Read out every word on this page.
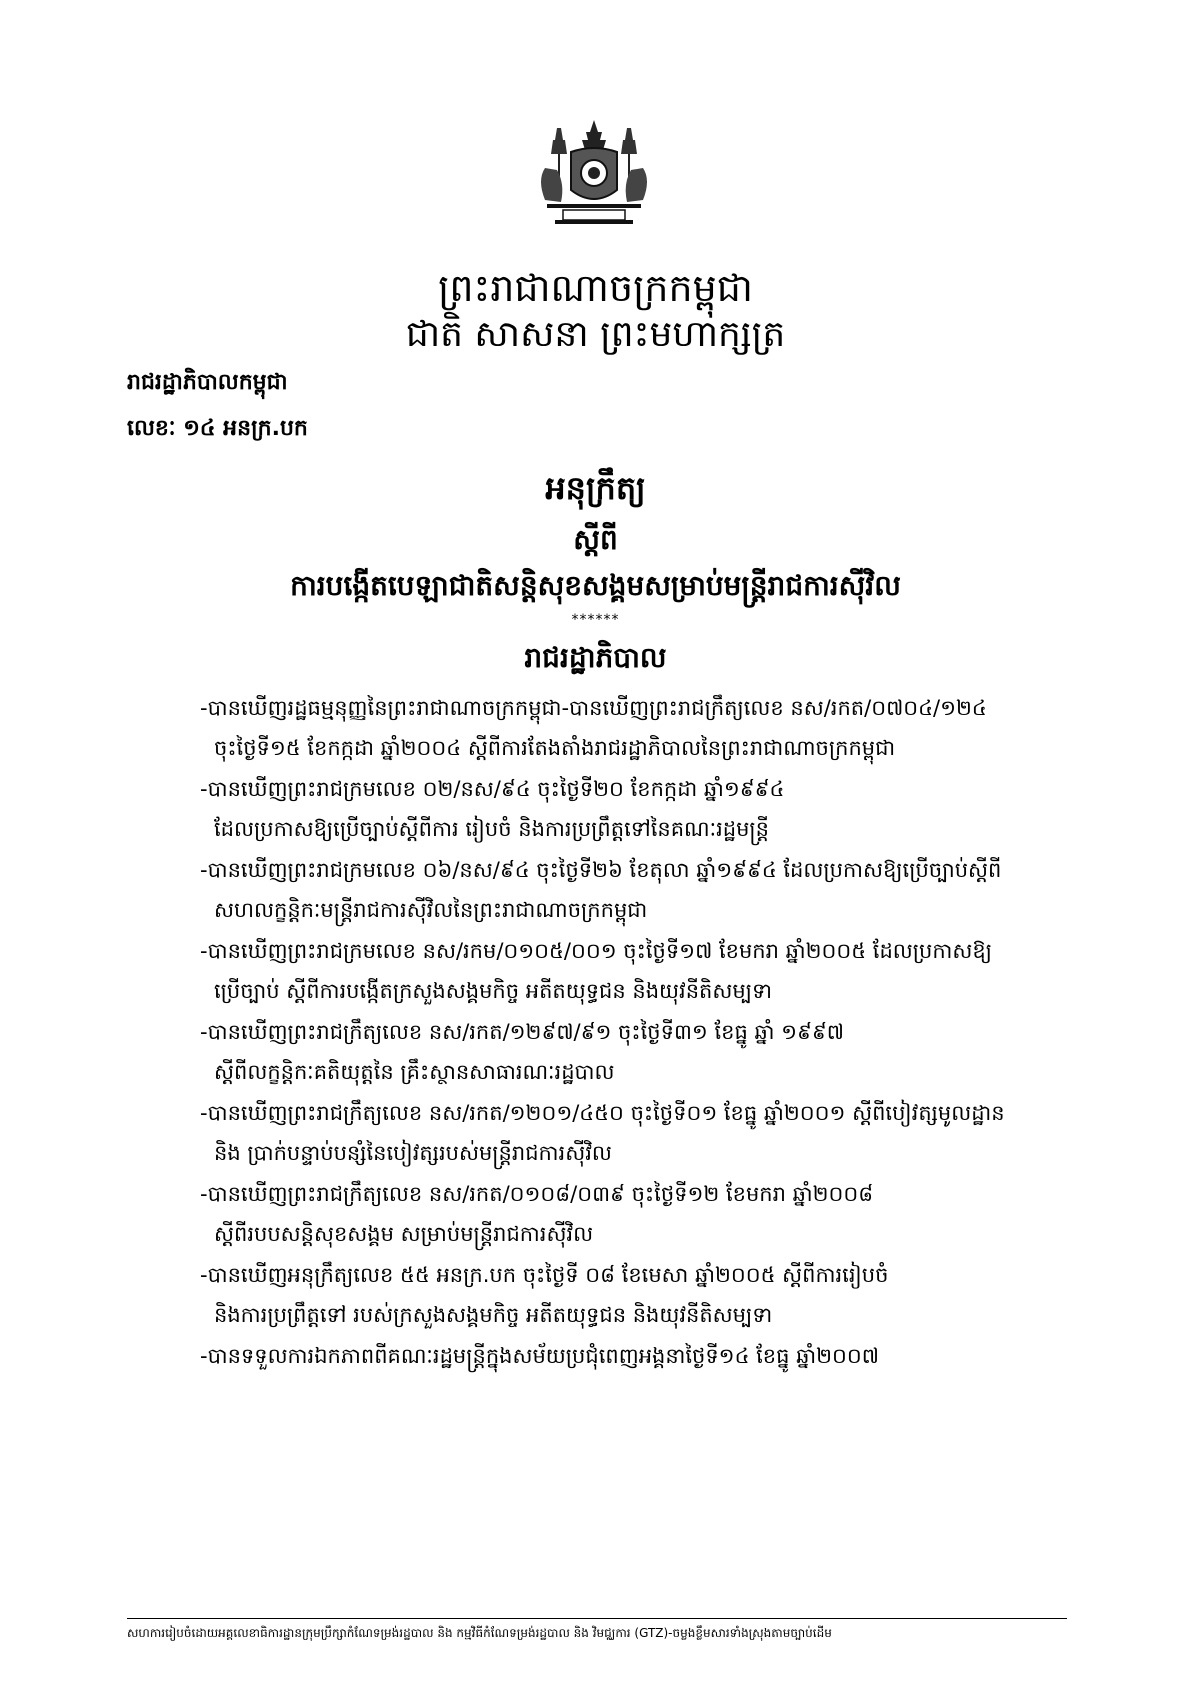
ព្រះរាជាណាចក្រកម្ពុជា
ជាតិ សាសនា ព្រះមហាក្សត្រ
រាជរដ្ឋាភិបាលកម្ពុជា
លេខៈ ១៤ អនក្រ.បក
អនុក្រឹត្យ
ស្តីពី
ការបង្កើតបេឡាជាតិសន្តិសុខសង្គមសម្រាប់មន្ត្រីរាជការស៊ីវិល
******
រាជរដ្ឋាភិបាល
-បានឃើញរដ្ឋធម្មនុញ្ញនៃព្រះរាជាណាចក្រកម្ពុជា-បានឃើញព្រះរាជក្រឹត្យលេខ នស/រកត/០៧០៤/១២៤
ចុះថ្ងៃទី១៥ ខែកក្កដា ឆ្នាំ២០០៤ ស្តីពីការតែងតាំងរាជរដ្ឋាភិបាលនៃព្រះរាជាណាចក្រកម្ពុជា
-បានឃើញព្រះរាជក្រមលេខ ០២/នស/៩៤ ចុះថ្ងៃទី២០ ខែកក្កដា ឆ្នាំ១៩៩៤
ដែលប្រកាសឱ្យប្រើច្បាប់ស្តីពីការ រៀបចំ និងការប្រព្រឹត្តទៅនៃគណៈរដ្ឋមន្ត្រី
-បានឃើញព្រះរាជក្រមលេខ ០៦/នស/៩៤ ចុះថ្ងៃទី២៦ ខែតុលា ឆ្នាំ១៩៩៤ ដែលប្រកាសឱ្យប្រើច្បាប់ស្តីពី
សហលក្ខន្តិកៈមន្ត្រីរាជការស៊ីវិលនៃព្រះរាជាណាចក្រកម្ពុជា
-បានឃើញព្រះរាជក្រមលេខ នស/រកម/០១០៥/០០១ ចុះថ្ងៃទី១៧ ខែមករា ឆ្នាំ២០០៥ ដែលប្រកាសឱ្យ
ប្រើច្បាប់ ស្តីពីការបង្កើតក្រសួងសង្គមកិច្ច អតីតយុទ្ធជន និងយុវនីតិសម្បទា
-បានឃើញព្រះរាជក្រឹត្យលេខ នស/រកត/១២៩៧/៩១ ចុះថ្ងៃទី៣១ ខែធ្នូ ឆ្នាំ ១៩៩៧
ស្តីពីលក្ខន្តិកៈគតិយុត្តនៃ គ្រឹះស្ថានសាធារណៈរដ្ឋបាល
-បានឃើញព្រះរាជក្រឹត្យលេខ នស/រកត/១២០១/៤៥០ ចុះថ្ងៃទី០១ ខែធ្នូ ឆ្នាំ២០០១ ស្តីពីបៀវត្សមូលដ្ឋាន
និង ប្រាក់បន្ទាប់បន្សំនៃបៀវត្សរបស់មន្ត្រីរាជការស៊ីវិល
-បានឃើញព្រះរាជក្រឹត្យលេខ នស/រកត/០១០៨/០៣៩ ចុះថ្ងៃទី១២ ខែមករា ឆ្នាំ២០០៨
ស្តីពីរបបសន្តិសុខសង្គម សម្រាប់មន្ត្រីរាជការស៊ីវិល
-បានឃើញអនុក្រឹត្យលេខ ៥៥ អនក្រ.បក ចុះថ្ងៃទី ០៨ ខែមេសា ឆ្នាំ២០០៥ ស្តីពីការរៀបចំ
និងការប្រព្រឹត្តទៅ របស់ក្រសួងសង្គមកិច្ច អតីតយុទ្ធជន និងយុវនីតិសម្បទា
-បានទទួលការឯកភាពពីគណៈរដ្ឋមន្ត្រីក្នុងសម័យប្រជុំពេញអង្គនាថ្ងៃទី១៤ ខែធ្នូ ឆ្នាំ២០០៧
សហការរៀបចំដោយអគ្គលេខាធិការដ្ឋានក្រុមប្រឹក្សាកំណែទម្រង់រដ្ឋបាល និង កម្មវិធីកំណែទម្រង់រដ្ឋបាល និង វិមជ្ឈការ (GTZ)-ចម្លងខ្លឹមសារទាំងស្រុងតាមច្បាប់ដើម
